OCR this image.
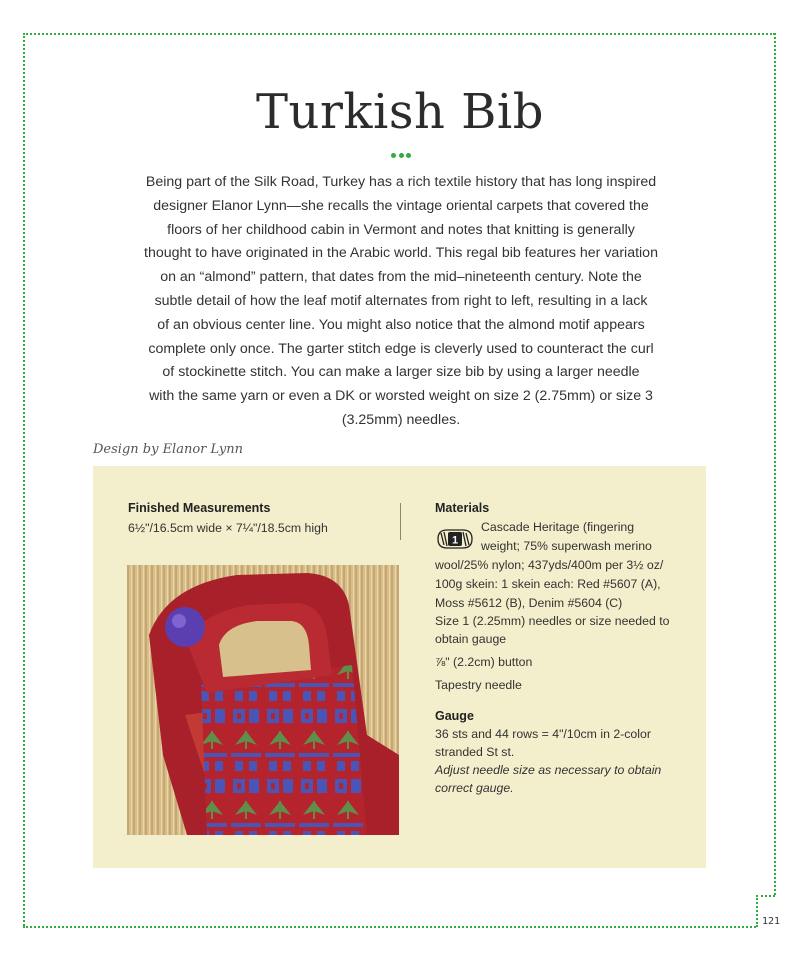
121
Turkish Bib

Being part of the Silk Road, Turkey has a rich textile history that has long inspired
designer Elanor Lynn—she recalls the vintage oriental carpets that covered the
floors of her childhood cabin in Vermont and notes that knitting is generally
thought to have originated in the Arabic world. This regal bib features her variation
on an “almond” pattern, that dates from the mid–nineteenth century. Note the
subtle detail of how the leaf motif alternates from right to left, resulting in a lack
of an obvious center line. You might also notice that the almond motif appears
complete only once. The garter stitch edge is cleverly used to counteract the curl
of stockinette stitch. You can make a larger size bib by using a larger needle
with the same yarn or even a DK or worsted weight on size 2 (2.75mm) or size 3
(3.25mm) needles.

Design by Elanor Lynn
Finished Measurements
6½"/16.5cm wide × 7¼"/18.5cm high
Materials
1
Cascade Heritage (fingering
weight; 75% superwash merino
wool/25% nylon; 437yds/400m per 3½ oz/
100g skein: 1 skein each: Red #5607 (A),
Moss #5612 (B), Denim #5604 (C)
Size 1 (2.25mm) needles or size needed to
obtain gauge
⅞" (2.2cm) button
Tapestry needle
Gauge
36 sts and 44 rows = 4"/10cm in 2-color
stranded St st.
Adjust needle size as necessary to obtain
correct gauge.
